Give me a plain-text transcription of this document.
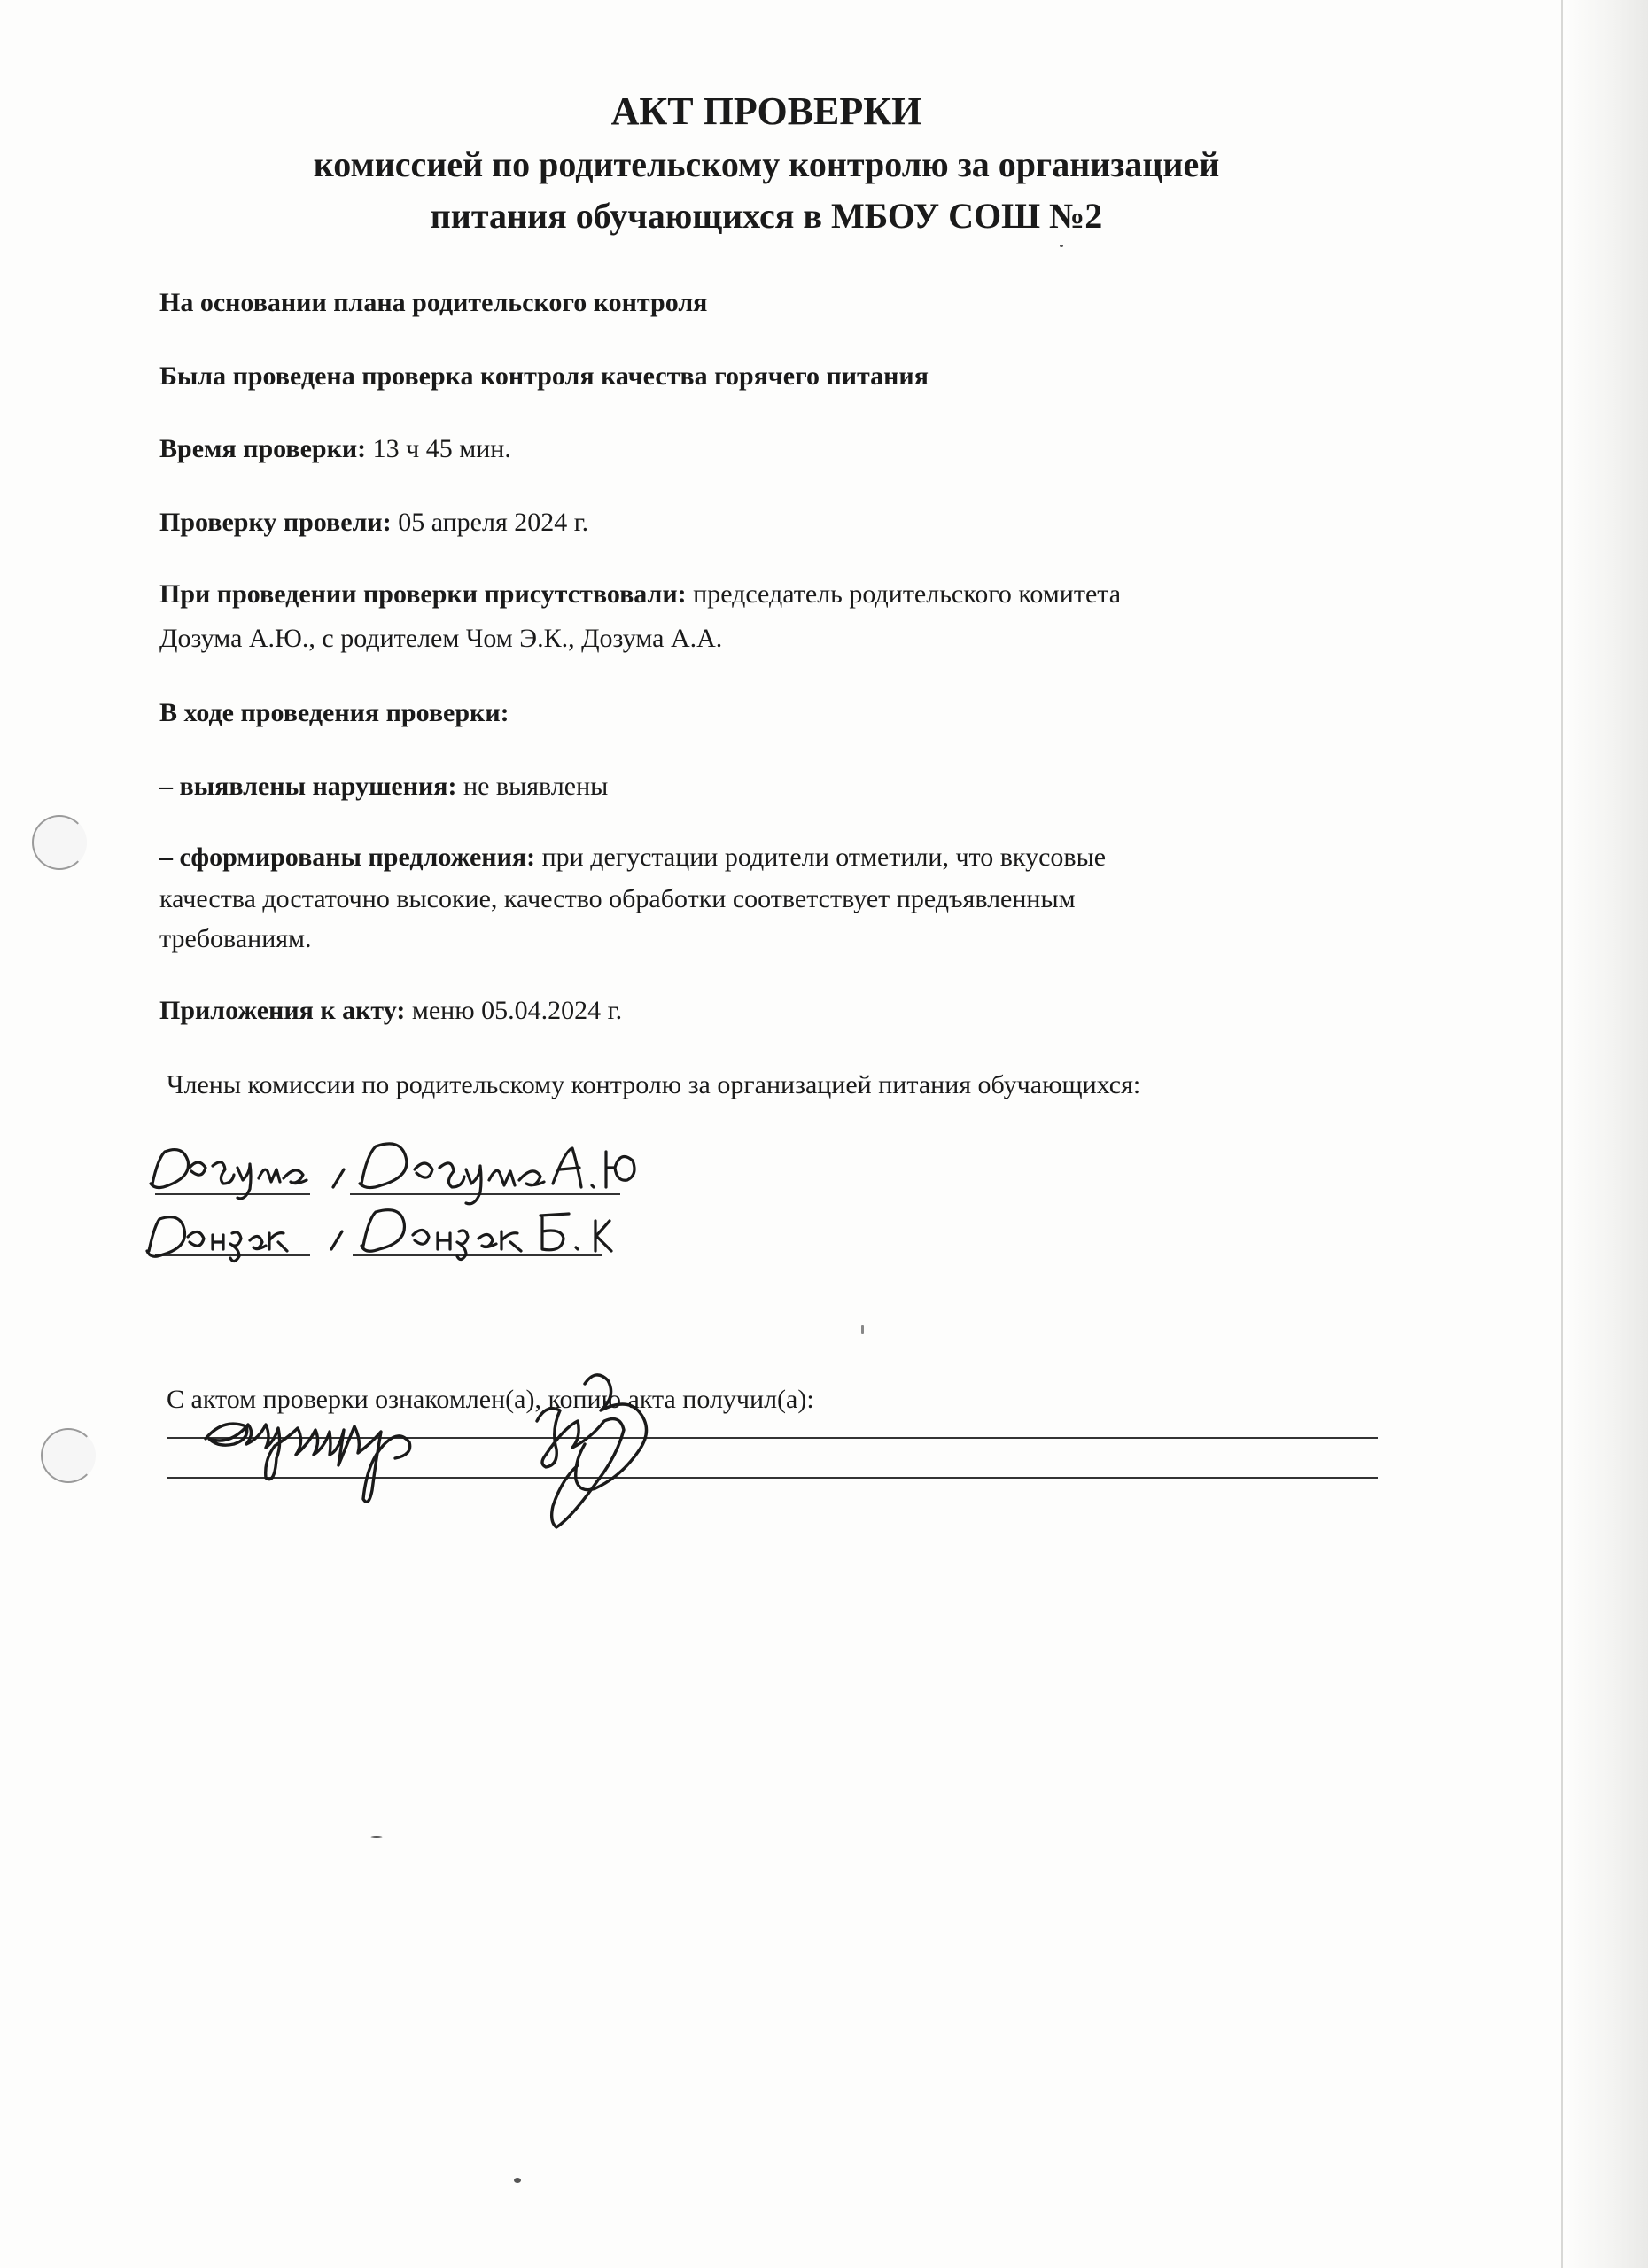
АКТ ПРОВЕРКИ
комиссией по родительскому контролю за организацией
питания обучающихся в МБОУ СОШ №2
На основании плана родительского контроля
Была проведена проверка контроля качества горячего питания
Время проверки: 13 ч 45 мин.
Проверку провели: 05 апреля 2024 г.
При проведении проверки присутствовали: председатель родительского комитета
Дозума А.Ю., с родителем Чом Э.К., Дозума А.А.
В ходе проведения проверки:
– выявлены нарушения: не выявлены
– сформированы предложения: при дегустации родители отметили, что вкусовые
качества достаточно высокие, качество обработки соответствует предъявленным
требованиям.
Приложения к акту: меню 05.04.2024 г.
Члены комиссии по родительскому контролю за организацией питания обучающихся:
С актом проверки ознакомлен(а), копию акта получил(а):
